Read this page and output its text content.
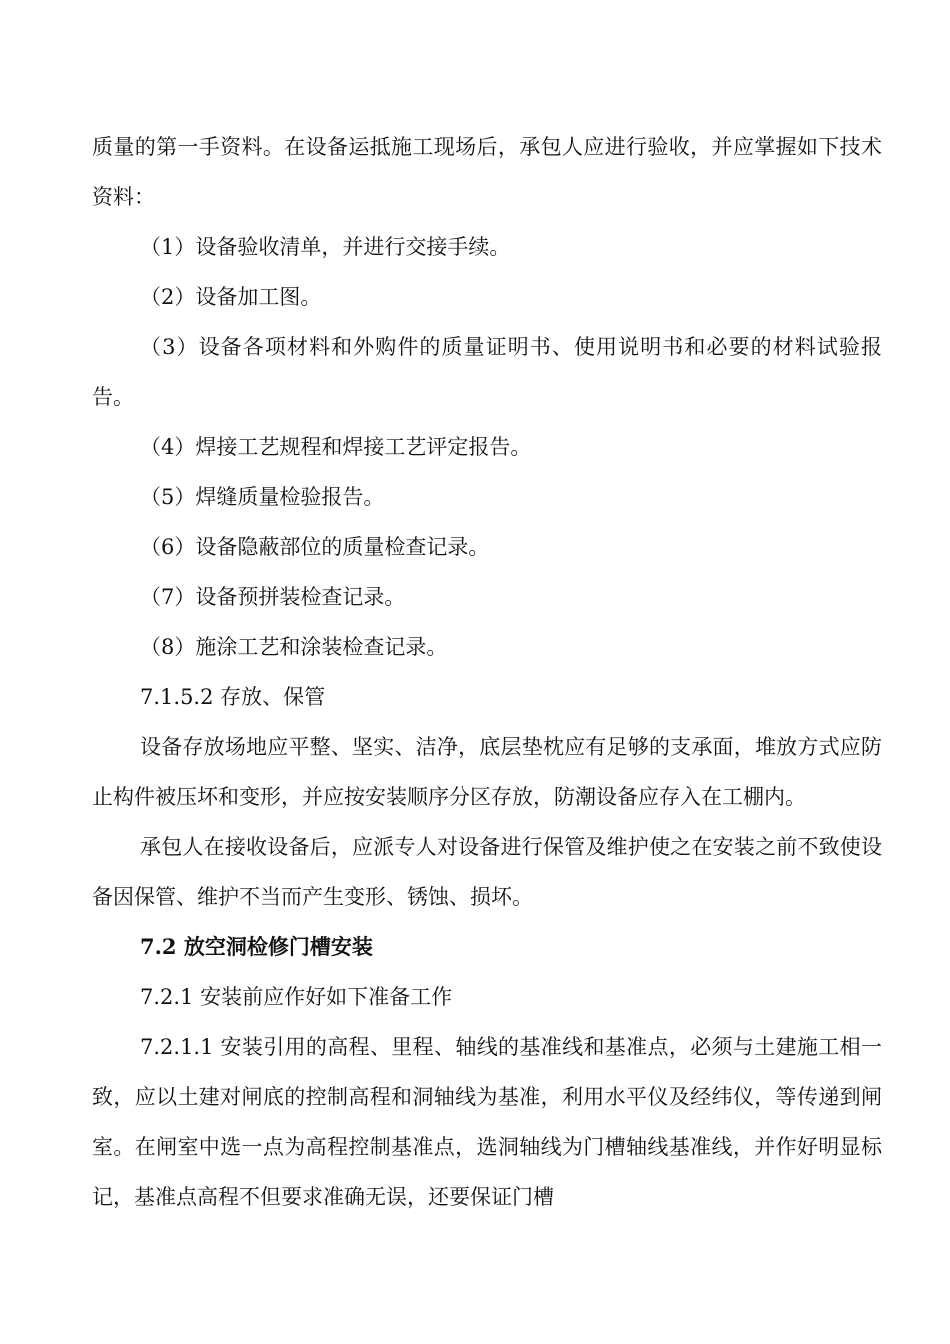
质量的第一手资料。在设备运抵施工现场后，承包人应进行验收，并应掌握如下技术资料：

（1）设备验收清单，并进行交接手续。

（2）设备加工图。

（3）设备各项材料和外购件的质量证明书、使用说明书和必要的材料试验报告。

（4）焊接工艺规程和焊接工艺评定报告。

（5）焊缝质量检验报告。

（6）设备隐蔽部位的质量检查记录。

（7）设备预拼装检查记录。

（8）施涂工艺和涂装检查记录。

7.1.5.2 存放、保管

设备存放场地应平整、坚实、洁净，底层垫枕应有足够的支承面，堆放方式应防止构件被压坏和变形，并应按安装顺序分区存放，防潮设备应存入在工棚内。

承包人在接收设备后，应派专人对设备进行保管及维护使之在安装之前不致使设备因保管、维护不当而产生变形、锈蚀、损坏。

7.2 放空洞检修门槽安装

7.2.1 安装前应作好如下准备工作

7.2.1.1 安装引用的高程、里程、轴线的基准线和基准点，必须与土建施工相一致，应以土建对闸底的控制高程和洞轴线为基准，利用水平仪及经纬仪，等传递到闸室。在闸室中选一点为高程控制基准点，选洞轴线为门槽轴线基准线，并作好明显标记，基准点高程不但要求准确无误，还要保证门槽
